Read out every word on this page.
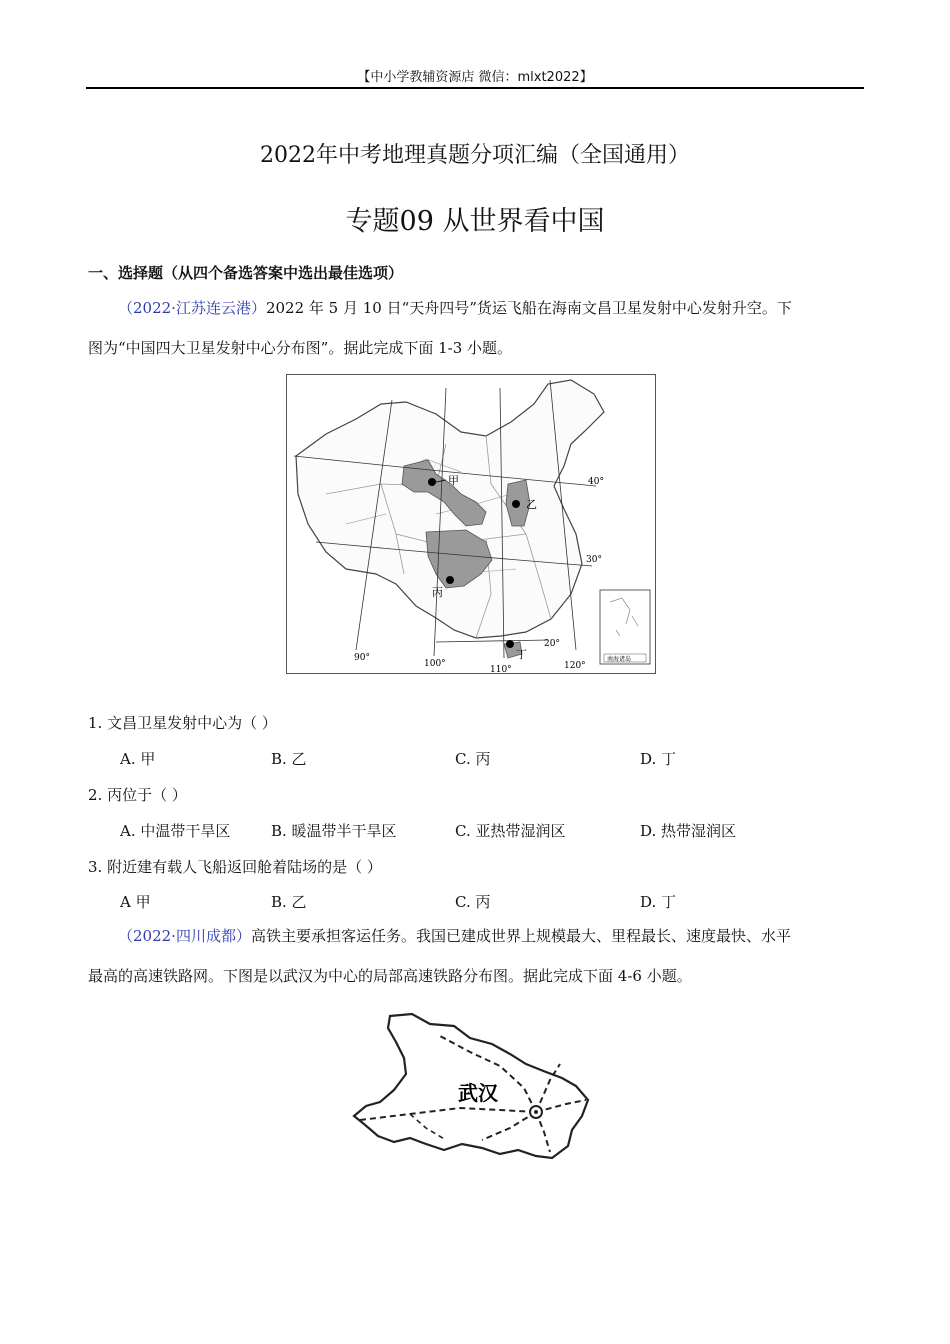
【中小学教辅资源店 微信：mlxt2022】
2022年中考地理真题分项汇编（全国通用）
专题09 从世界看中国
一、选择题（从四个备选答案中选出最佳选项）
（2022·江苏连云港）2022 年 5 月 10 日“天舟四号”货运飞船在海南文昌卫星发射中心发射升空。下
图为“中国四大卫星发射中心分布图”。据此完成下面 1-3 小题。
甲
乙
丙
丁
40°
30°
20°
90°
100°
110°	120°
南海诸岛
1. 文昌卫星发射中心为（ ）
A. 甲	B. 乙	C. 丙	D. 丁
2. 丙位于（ ）
A. 中温带干旱区	B. 暖温带半干旱区	C. 亚热带湿润区	D. 热带湿润区
3. 附近建有载人飞船返回舱着陆场的是（ ）
A 甲	B. 乙	C. 丙	D. 丁
（2022·四川成都）高铁主要承担客运任务。我国已建成世界上规模最大、里程最长、速度最快、水平
最高的高速铁路网。下图是以武汉为中心的局部高速铁路分布图。据此完成下面 4-6 小题。
武汉
